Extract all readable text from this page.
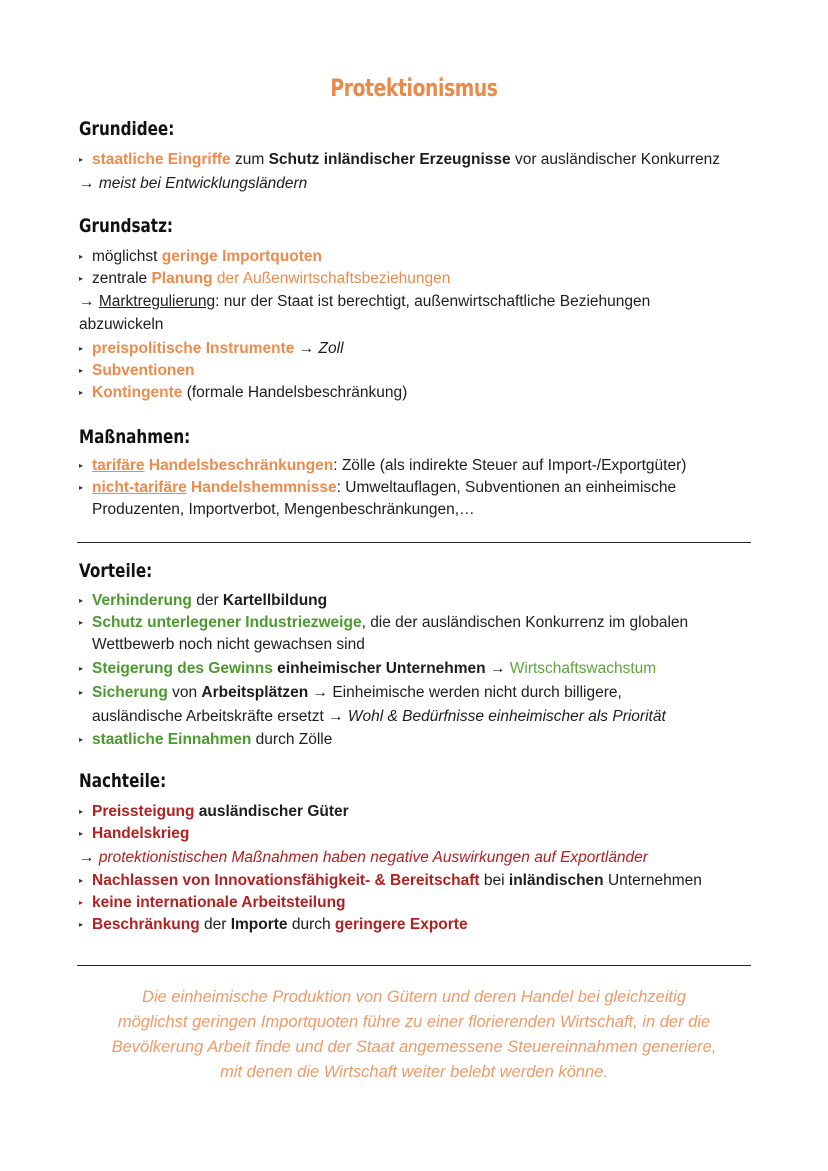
Protektionismus
Grundidee:
▸ staatliche Eingriffe zum Schutz inländischer Erzeugnisse vor ausländischer Konkurrenz
→ meist bei Entwicklungsländern
Grundsatz:
▸ möglichst geringe Importquoten
▸ zentrale Planung der Außenwirtschaftsbeziehungen
→ Marktregulierung: nur der Staat ist berechtigt, außenwirtschaftliche Beziehungen
abzuwickeln
▸ preispolitische Instrumente → Zoll
▸ Subventionen
▸ Kontingente (formale Handelsbeschränkung)
Maßnahmen:
▸ tarifäre Handelsbeschränkungen: Zölle (als indirekte Steuer auf Import-/Exportgüter)
▸ nicht-tarifäre Handelshemmnisse: Umweltauflagen, Subventionen an einheimische
Produzenten, Importverbot, Mengenbeschränkungen,…
Vorteile:
▸ Verhinderung der Kartellbildung
▸ Schutz unterlegener Industriezweige, die der ausländischen Konkurrenz im globalen
Wettbewerb noch nicht gewachsen sind
▸ Steigerung des Gewinns einheimischer Unternehmen → Wirtschaftswachstum
▸ Sicherung von Arbeitsplätzen → Einheimische werden nicht durch billigere,
ausländische Arbeitskräfte ersetzt → Wohl & Bedürfnisse einheimischer als Priorität
▸ staatliche Einnahmen durch Zölle
Nachteile:
▸ Preissteigung ausländischer Güter
▸ Handelskrieg
→ protektionistischen Maßnahmen haben negative Auswirkungen auf Exportländer
▸ Nachlassen von Innovationsfähigkeit- & Bereitschaft bei inländischen Unternehmen
▸ keine internationale Arbeitsteilung
▸ Beschränkung der Importe durch geringere Exporte
Die einheimische Produktion von Gütern und deren Handel bei gleichzeitig
möglichst geringen Importquoten führe zu einer florierenden Wirtschaft, in der die
Bevölkerung Arbeit finde und der Staat angemessene Steuereinnahmen generiere,
mit denen die Wirtschaft weiter belebt werden könne.
